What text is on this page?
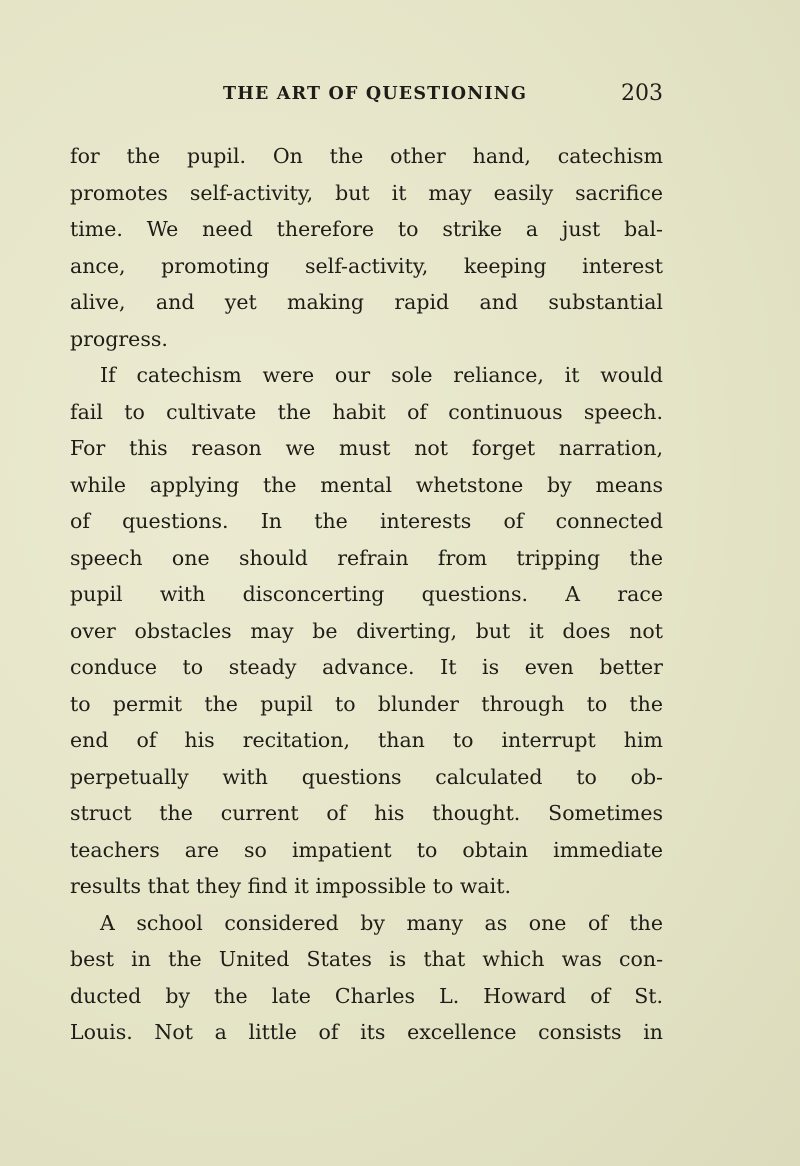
THE ART OF QUESTIONING	203
for the pupil. On the other hand, catechism
promotes self-activity, but it may easily sacrifice
time. We need therefore to strike a just bal-
ance, promoting self-activity, keeping interest
alive, and yet making rapid and substantial
progress.
If catechism were our sole reliance, it would
fail to cultivate the habit of continuous speech.
For this reason we must not forget narration,
while applying the mental whetstone by means
of questions. In the interests of connected
speech one should refrain from tripping the
pupil with disconcerting questions. A race
over obstacles may be diverting, but it does not
conduce to steady advance. It is even better
to permit the pupil to blunder through to the
end of his recitation, than to interrupt him
perpetually with questions calculated to ob-
struct the current of his thought. Sometimes
teachers are so impatient to obtain immediate
results that they find it impossible to wait.
A school considered by many as one of the
best in the United States is that which was con-
ducted by the late Charles L. Howard of St.
Louis. Not a little of its excellence consists in
